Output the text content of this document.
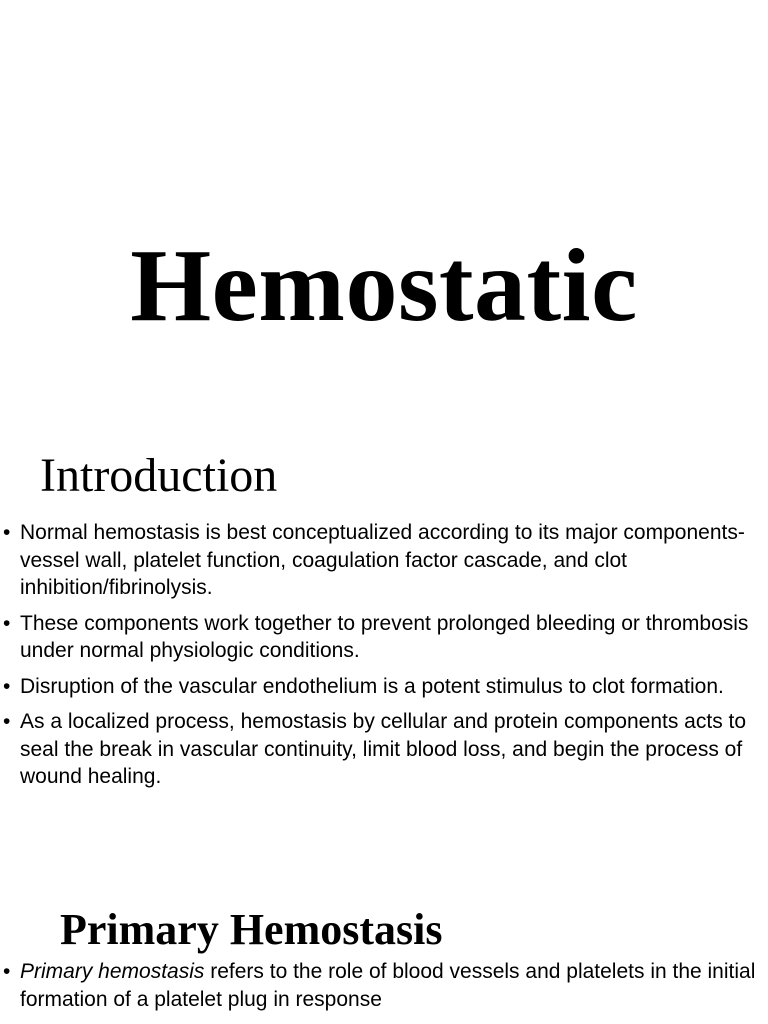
Hemostatic
Introduction
• Normal hemostasis is best conceptualized according to its major components-vessel wall, platelet function, coagulation factor cascade, and clot inhibition/fibrinolysis.
• These components work together to prevent prolonged bleeding or thrombosis under normal physiologic conditions.
• Disruption of the vascular endothelium is a potent stimulus to clot formation.
• As a localized process, hemostasis by cellular and protein components acts to seal the break in vascular continuity, limit blood loss, and begin the process of wound healing.
Primary Hemostasis
• Primary hemostasis refers to the role of blood vessels and platelets in the initial formation of a platelet plug in response
